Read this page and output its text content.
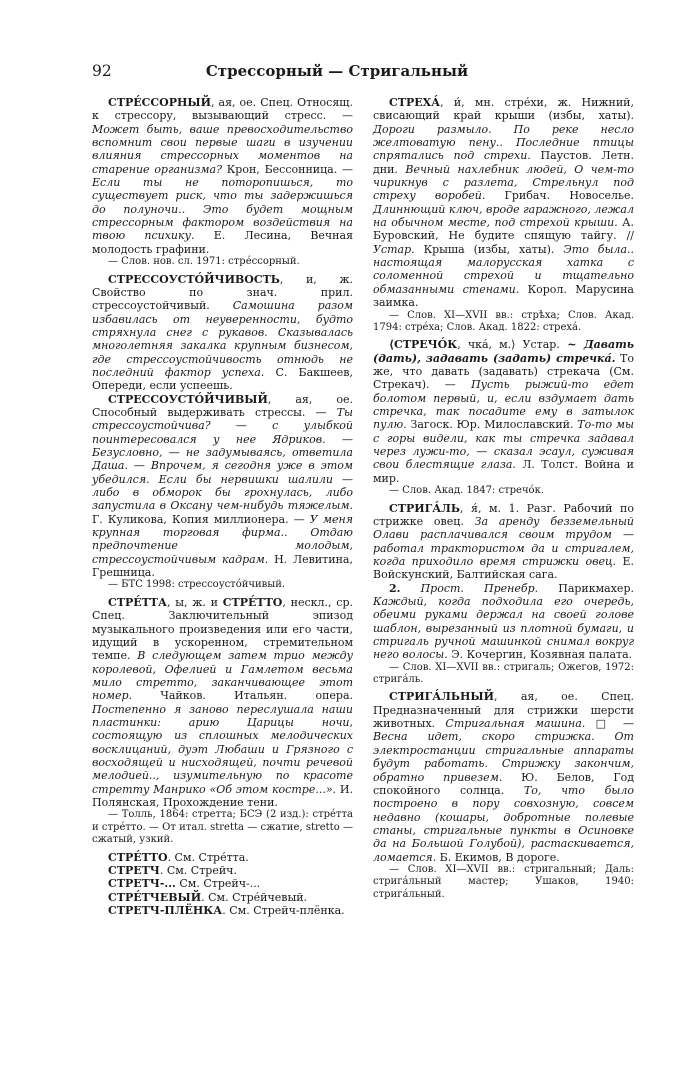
92	Стрессорный — Стригальный

СТРЕ́ССОРНЫЙ, ая, ое. Спец. Относящ. к стрессору, вызывающий стресс. — Может быть, ваше превосходительство вспомнит свои первые шаги в изучении влияния стрессорных моментов на старение организма? Крон, Бессонница. — Если ты не поторопишься, то существует риск, что ты задержишься до полуночи.. Это будет мощным стрессорным фактором воздействия на твою психику. Е. Лесина, Вечная молодость графини.

— Слов. нов. сл. 1971: стре́ссорный.

СТРЕССОУСТО́ЙЧИВОСТЬ, и, ж. Свойство по знач. прил. стрессоустойчивый. Самошина разом избавилась от неуверенности, будто стряхнула снег с рукавов. Сказывалась многолетняя закалка крупным бизнесом, где стрессоустойчивость отнюдь не последний фактор успеха. С. Бакшеев, Опереди, если успеешь.

СТРЕССОУСТО́ЙЧИВЫЙ, ая, ое. Способный выдерживать стрессы. — Ты стрессоустойчива? — с улыбкой поинтересовался у нее Ядриков. — Безусловно, — не задумываясь, ответила Даша. — Впрочем, я сегодня уже в этом убедился. Если бы нервишки шалили — либо в обморок бы грохнулась, либо запустила в Оксану чем-нибудь тяжелым. Г. Куликова, Копия миллионера. — У меня крупная торговая фирма.. Отдаю предпочтение молодым, стрессоустойчивым кадрам. Н. Левитина, Грешница.

— БТС 1998: стрессоусто́йчивый.

СТРЕ́ТТА, ы, ж. и СТРЕ́ТТО, нескл., ср. Спец. Заключительный эпизод музыкального произведения или его части, идущий в ускоренном, стремительном темпе. В следующем затем трио между королевой, Офелией и Гамлетом весьма мило стретто, заканчивающее этот номер. Чайков. Итальян. опера. Постепенно я заново переслушала наши пластинки: арию Царицы ночи, состоящую из сплошных мелодических восклицаний, дуэт Любаши и Грязного с восходящей и нисходящей, почти речевой мелодией.., изумительную по красоте стретту Манрико «Об этом костре...». И. Полянская, Прохождение тени.

— Толль, 1864: стретта; БСЭ (2 изд.): стре́тта и стре́тто. — От итал. stretta — сжатие, stretto — сжатый, узкий.

СТРЕ́ТТО. См. Стре́тта.

СТРЕТЧ. См. Стрейч.

СТРЕТЧ-... См. Стрейч-...

СТРЕ́ТЧЕВЫЙ. См. Стре́йчевый.

СТРЕТЧ-ПЛЁНКА. См. Стрейч-плёнка.

СТРЕХА́, и́, мн. стре́хи, ж. Нижний, свисающий край крыши (избы, хаты). Дороги размыло. По реке несло желтоватую пену.. Последние птицы спрятались под стрехи. Паустов. Летн. дни. Вечный нахлебник людей, О чем-то чирикнув с разлета, Стрельнул под стреху воробей. Грибач. Новоселье. Длиннющий ключ, вроде гаражного, лежал на обычном месте, под стрехой крыши. А. Буровский, Не будите спящую тайгу. // Устар. Крыша (избы, хаты). Это была.. настоящая малорусская хатка с соломенной стрехой и тщательно обмазанными стенами. Корол. Марусина заимка.

— Слов. XI—XVII вв.: стрѣха; Слов. Акад. 1794: стре́ха; Слов. Акад. 1822: стреха́.

⟨СТРЕЧО́К, чка́, м.⟩ Устар. ~ Давать (дать), задавать (задать) стречка́. То же, что давать (задавать) стрекача (См. Стрекач). — Пусть рыжий-то едет болотом первый, и, если вздумает дать стречка, так посадите ему в затылок пулю. Загоск. Юр. Милославский. То-то мы с горы видели, как ты стречка задавал через лужи-то, — сказал эсаул, суживая свои блестящие глаза. Л. Толст. Война и мир.

— Слов. Акад. 1847: стречо́к.

СТРИГА́ЛЬ, я́, м. 1. Разг. Рабочий по стрижке овец. За аренду безземельный Олави расплачивался своим трудом — работал трактористом да и стригалем, когда приходило время стрижки овец. Е. Войскунский, Балтийская сага.

2. Прост. Пренебр. Парикмахер. Каждый, когда подходила его очередь, обеими руками держал на своей голове шаблон, вырезанный из плотной бумаги, и стригаль ручной машинкой снимал вокруг него волосы. Э. Кочергин, Козявная палата.

— Слов. XI—XVII вв.: стригаль; Ожегов, 1972: стрига́ль.

СТРИГА́ЛЬНЫЙ, ая, ое. Спец. Предназначенный для стрижки шерсти животных. Стригальная машина. □ — Весна идет, скоро стрижка. От электростанции стригальные аппараты будут работать. Стрижку закончим, обратно привезем. Ю. Белов, Год спокойного солнца. То, что было построено в пору совхозную, совсем недавно (кошары, добротные полевые станы, стригальные пункты в Осиновке да на Большой Голубой), растаскивается, ломается. Б. Екимов, В дороге.

— Слов. XI—XVII вв.: стригальный; Даль: стрига́льный мастер; Ушаков, 1940: стрига́льный.
